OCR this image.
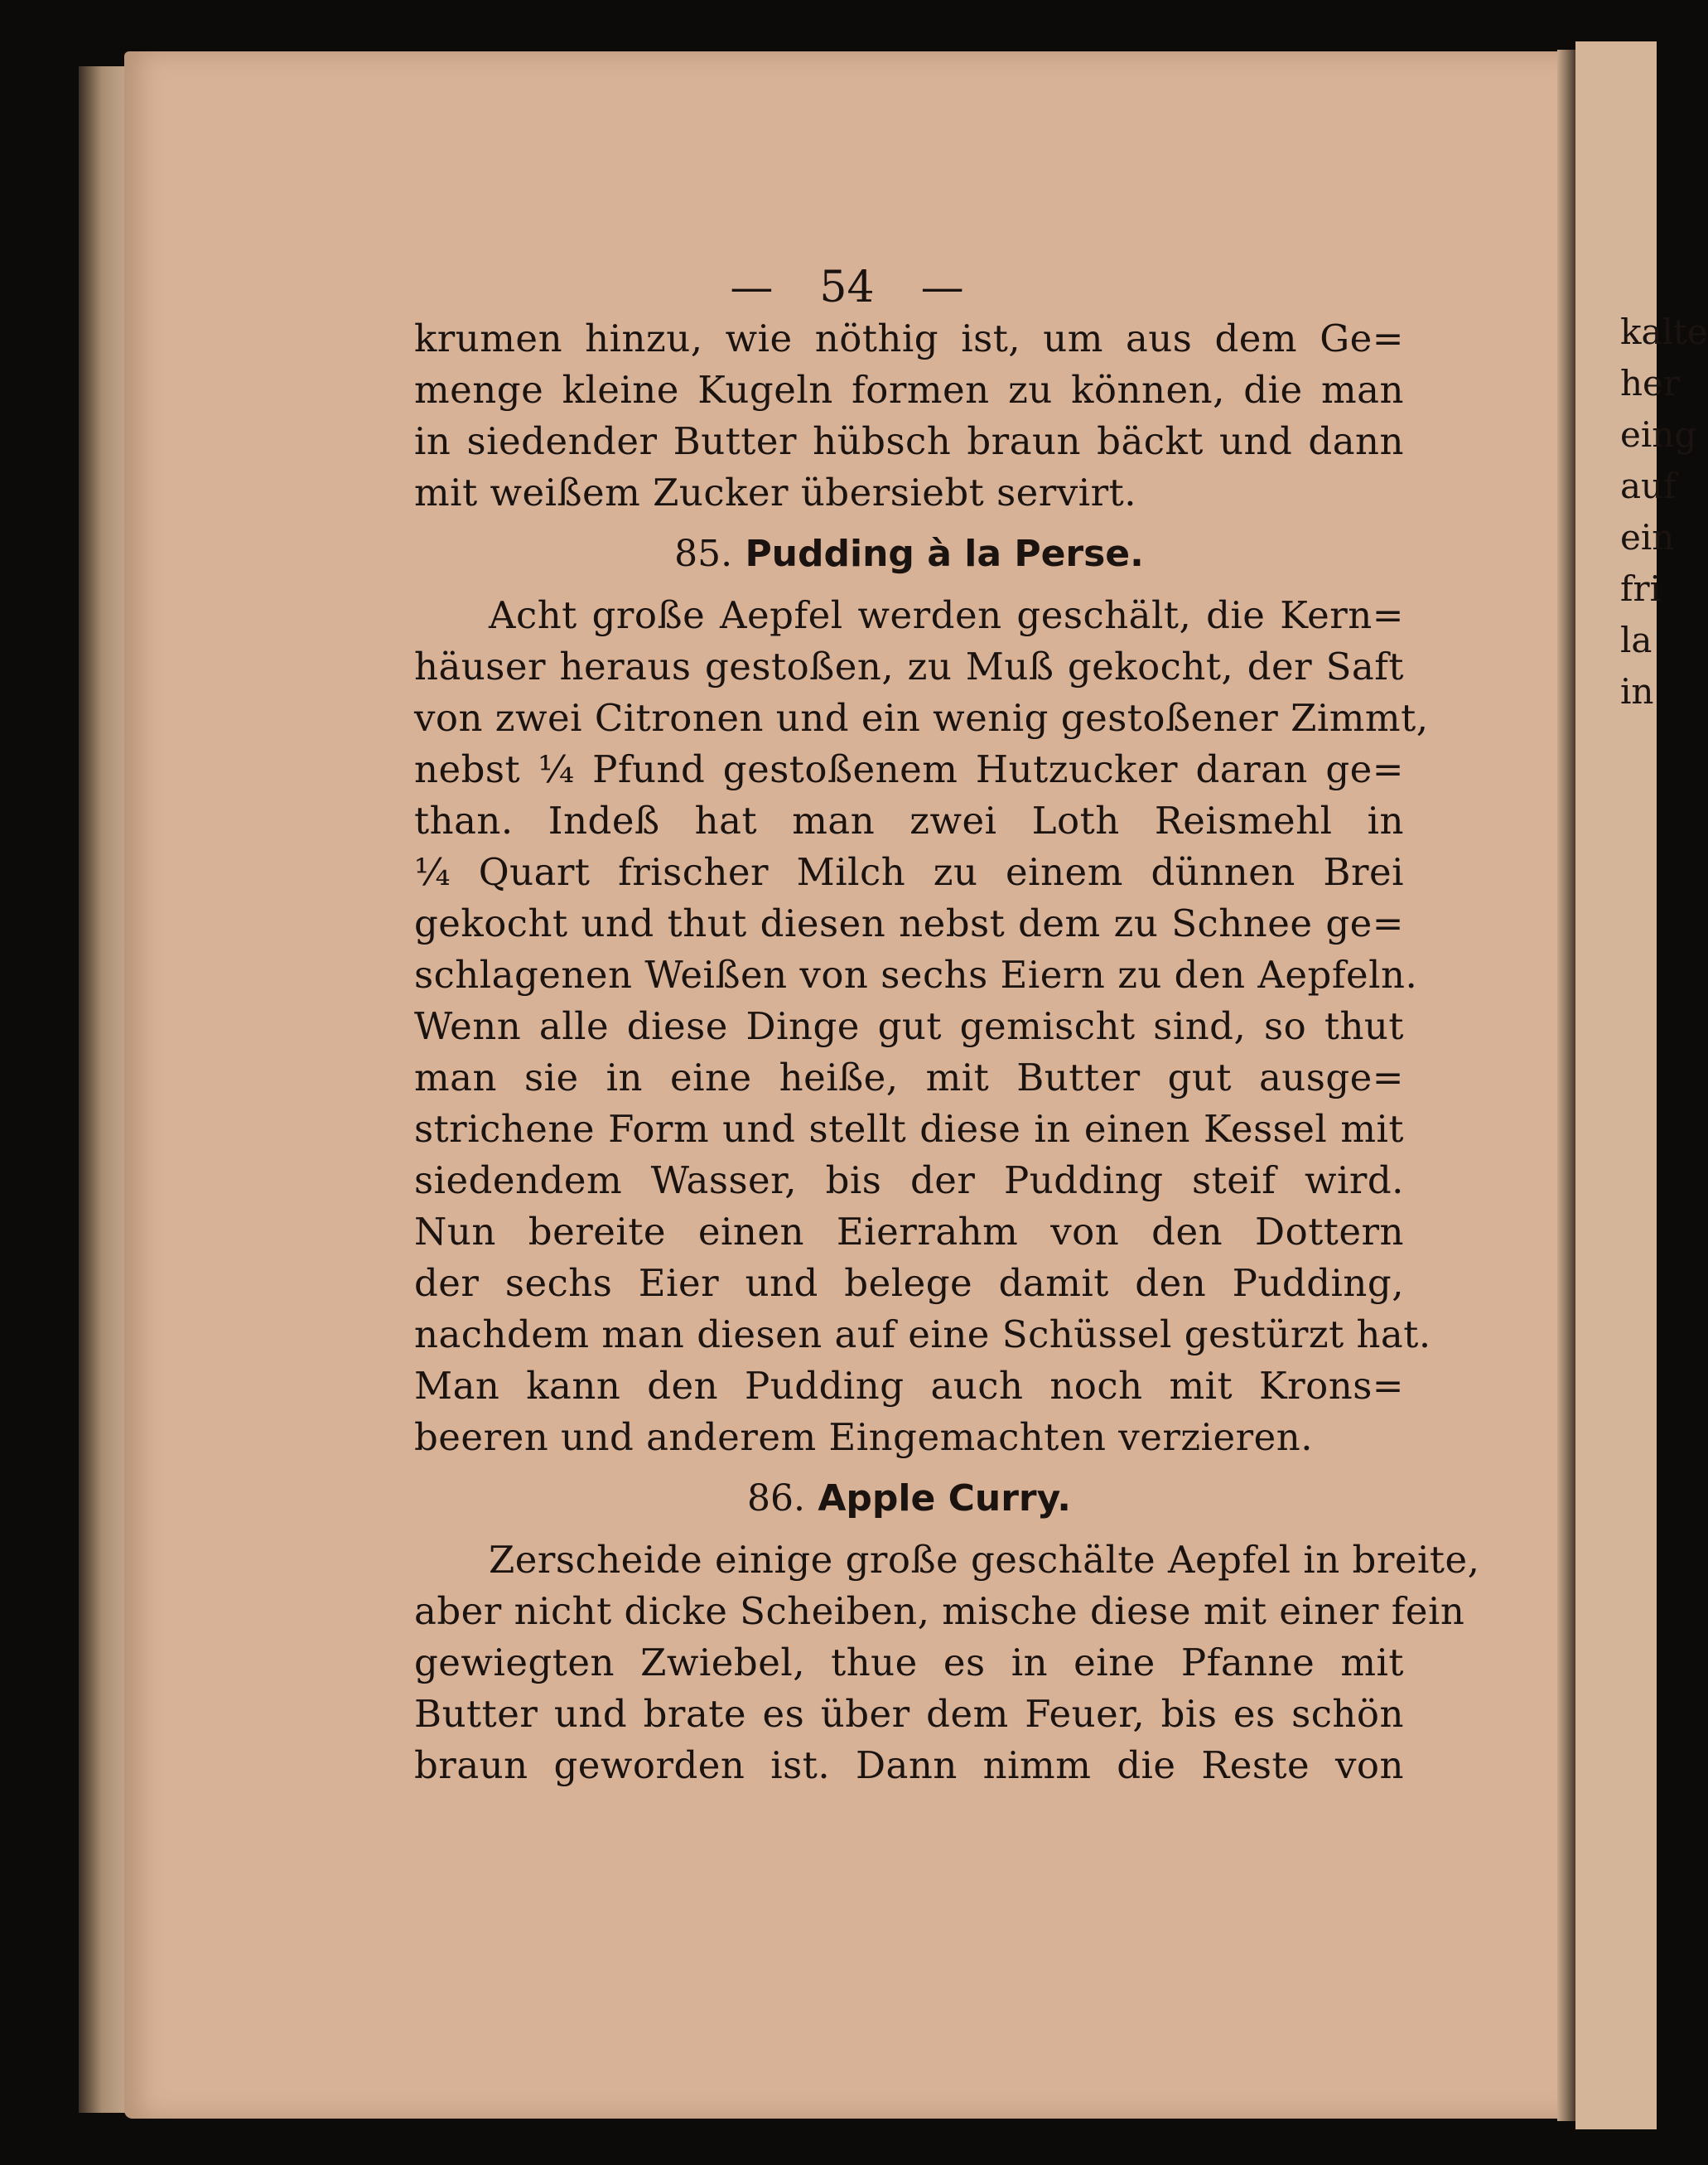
— 54 —
kalte
her
eing
auf
ein
fri
la
in
krumen hinzu, wie nöthig ist, um aus dem Ge=
menge kleine Kugeln formen zu können, die man
in siedender Butter hübsch braun bäckt und dann
mit weißem Zucker übersiebt servirt.
85. Pudding à la Perse.
Acht große Aepfel werden geschält, die Kern=
häuser heraus gestoßen, zu Muß gekocht, der Saft
von zwei Citronen und ein wenig gestoßener Zimmt,
nebst ¼ Pfund gestoßenem Hutzucker daran ge=
than. Indeß hat man zwei Loth Reismehl in
¼ Quart frischer Milch zu einem dünnen Brei
gekocht und thut diesen nebst dem zu Schnee ge=
schlagenen Weißen von sechs Eiern zu den Aepfeln.
Wenn alle diese Dinge gut gemischt sind, so thut
man sie in eine heiße, mit Butter gut ausge=
strichene Form und stellt diese in einen Kessel mit
siedendem Wasser, bis der Pudding steif wird.
Nun bereite einen Eierrahm von den Dottern
der sechs Eier und belege damit den Pudding,
nachdem man diesen auf eine Schüssel gestürzt hat.
Man kann den Pudding auch noch mit Krons=
beeren und anderem Eingemachten verzieren.
86. Apple Curry.
Zerscheide einige große geschälte Aepfel in breite,
aber nicht dicke Scheiben, mische diese mit einer fein
gewiegten Zwiebel, thue es in eine Pfanne mit
Butter und brate es über dem Feuer, bis es schön
braun geworden ist. Dann nimm die Reste von
